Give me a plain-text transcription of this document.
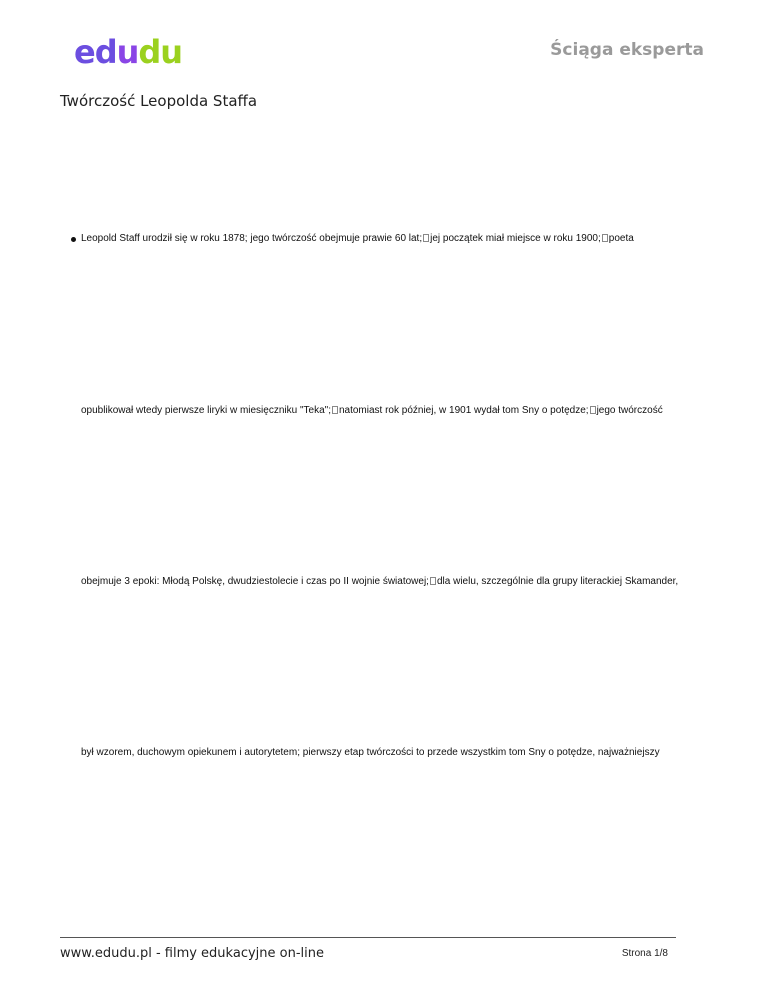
e d u d u	Ściąga eksperta
Twórczość Leopolda Staffa
Leopold Staff urodził się w roku 1878; jego twórczość obejmuje prawie 60 lat; jej początek miał miejsce w roku 1900; poeta
opublikował wtedy pierwsze liryki w miesięczniku "Teka"; natomiast rok później, w 1901 wydał tom Sny o potędze; jego twórczość
obejmuje 3 epoki: Młodą Polskę, dwudziestolecie i czas po II wojnie światowej; dla wielu, szczególnie dla grupy literackiej Skamander,
był wzorem, duchowym opiekunem i autorytetem; pierwszy etap twórczości to przede wszystkim tom Sny o potędze, najważniejszy
www.edudu.pl - filmy edukacyjne on-line	Strona 1/8
